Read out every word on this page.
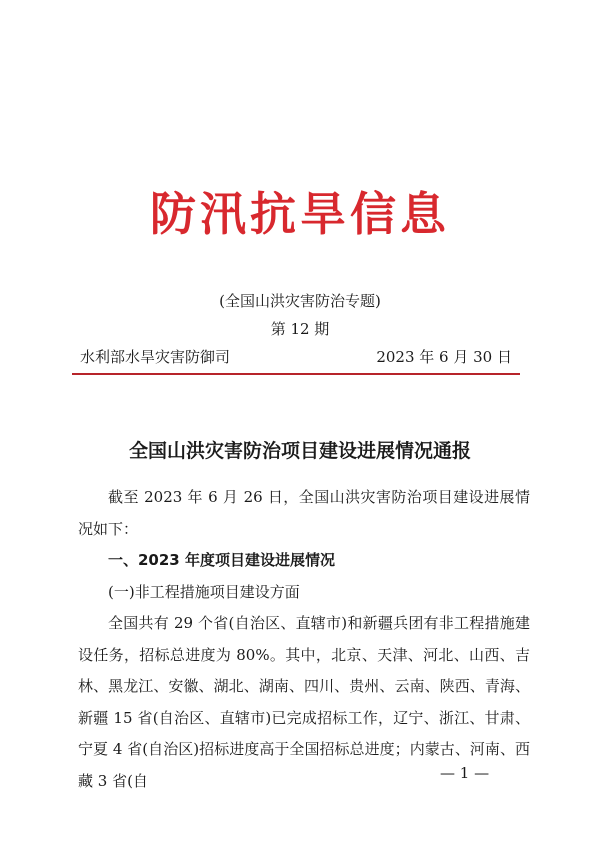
防汛抗旱信息
(全国山洪灾害防治专题)
第 12 期
水利部水旱灾害防御司	2023 年 6 月 30 日
全国山洪灾害防治项目建设进展情况通报

截至 2023 年 6 月 26 日，全国山洪灾害防治项目建设进展情况如下：

一、2023 年度项目建设进展情况

(一)非工程措施项目建设方面

全国共有 29 个省(自治区、直辖市)和新疆兵团有非工程措施建设任务，招标总进度为 80%。其中，北京、天津、河北、山西、吉林、黑龙江、安徽、湖北、湖南、四川、贵州、云南、陕西、青海、新疆 15 省(自治区、直辖市)已完成招标工作，辽宁、浙江、甘肃、宁夏 4 省(自治区)招标进度高于全国招标总进度；内蒙古、河南、西藏 3 省(自	— 1 —
